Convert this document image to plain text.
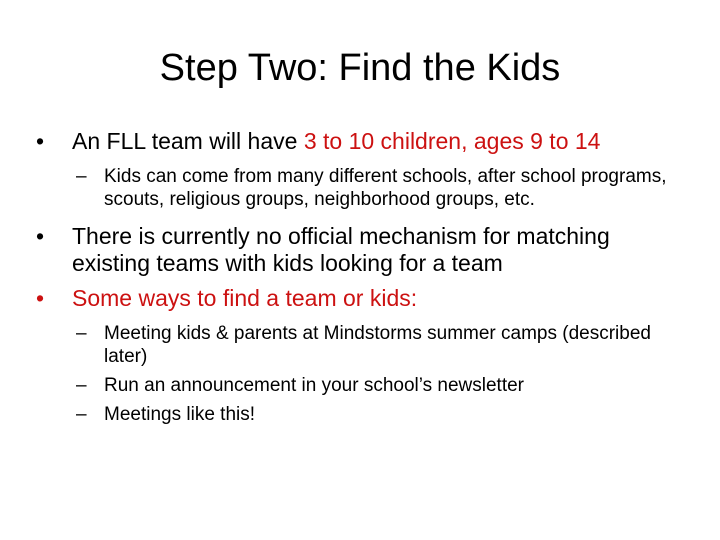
Step Two: Find the Kids
•	An FLL team will have 3 to 10 children, ages 9 to 14
– Kids can come from many different schools, after school programs, scouts, religious groups, neighborhood groups, etc.
•	There is currently no official mechanism for matching existing teams with kids looking for a team
•	Some ways to find a team or kids:
– Meeting kids & parents at Mindstorms summer camps (described later)
– Run an announcement in your school’s newsletter
– Meetings like this!
